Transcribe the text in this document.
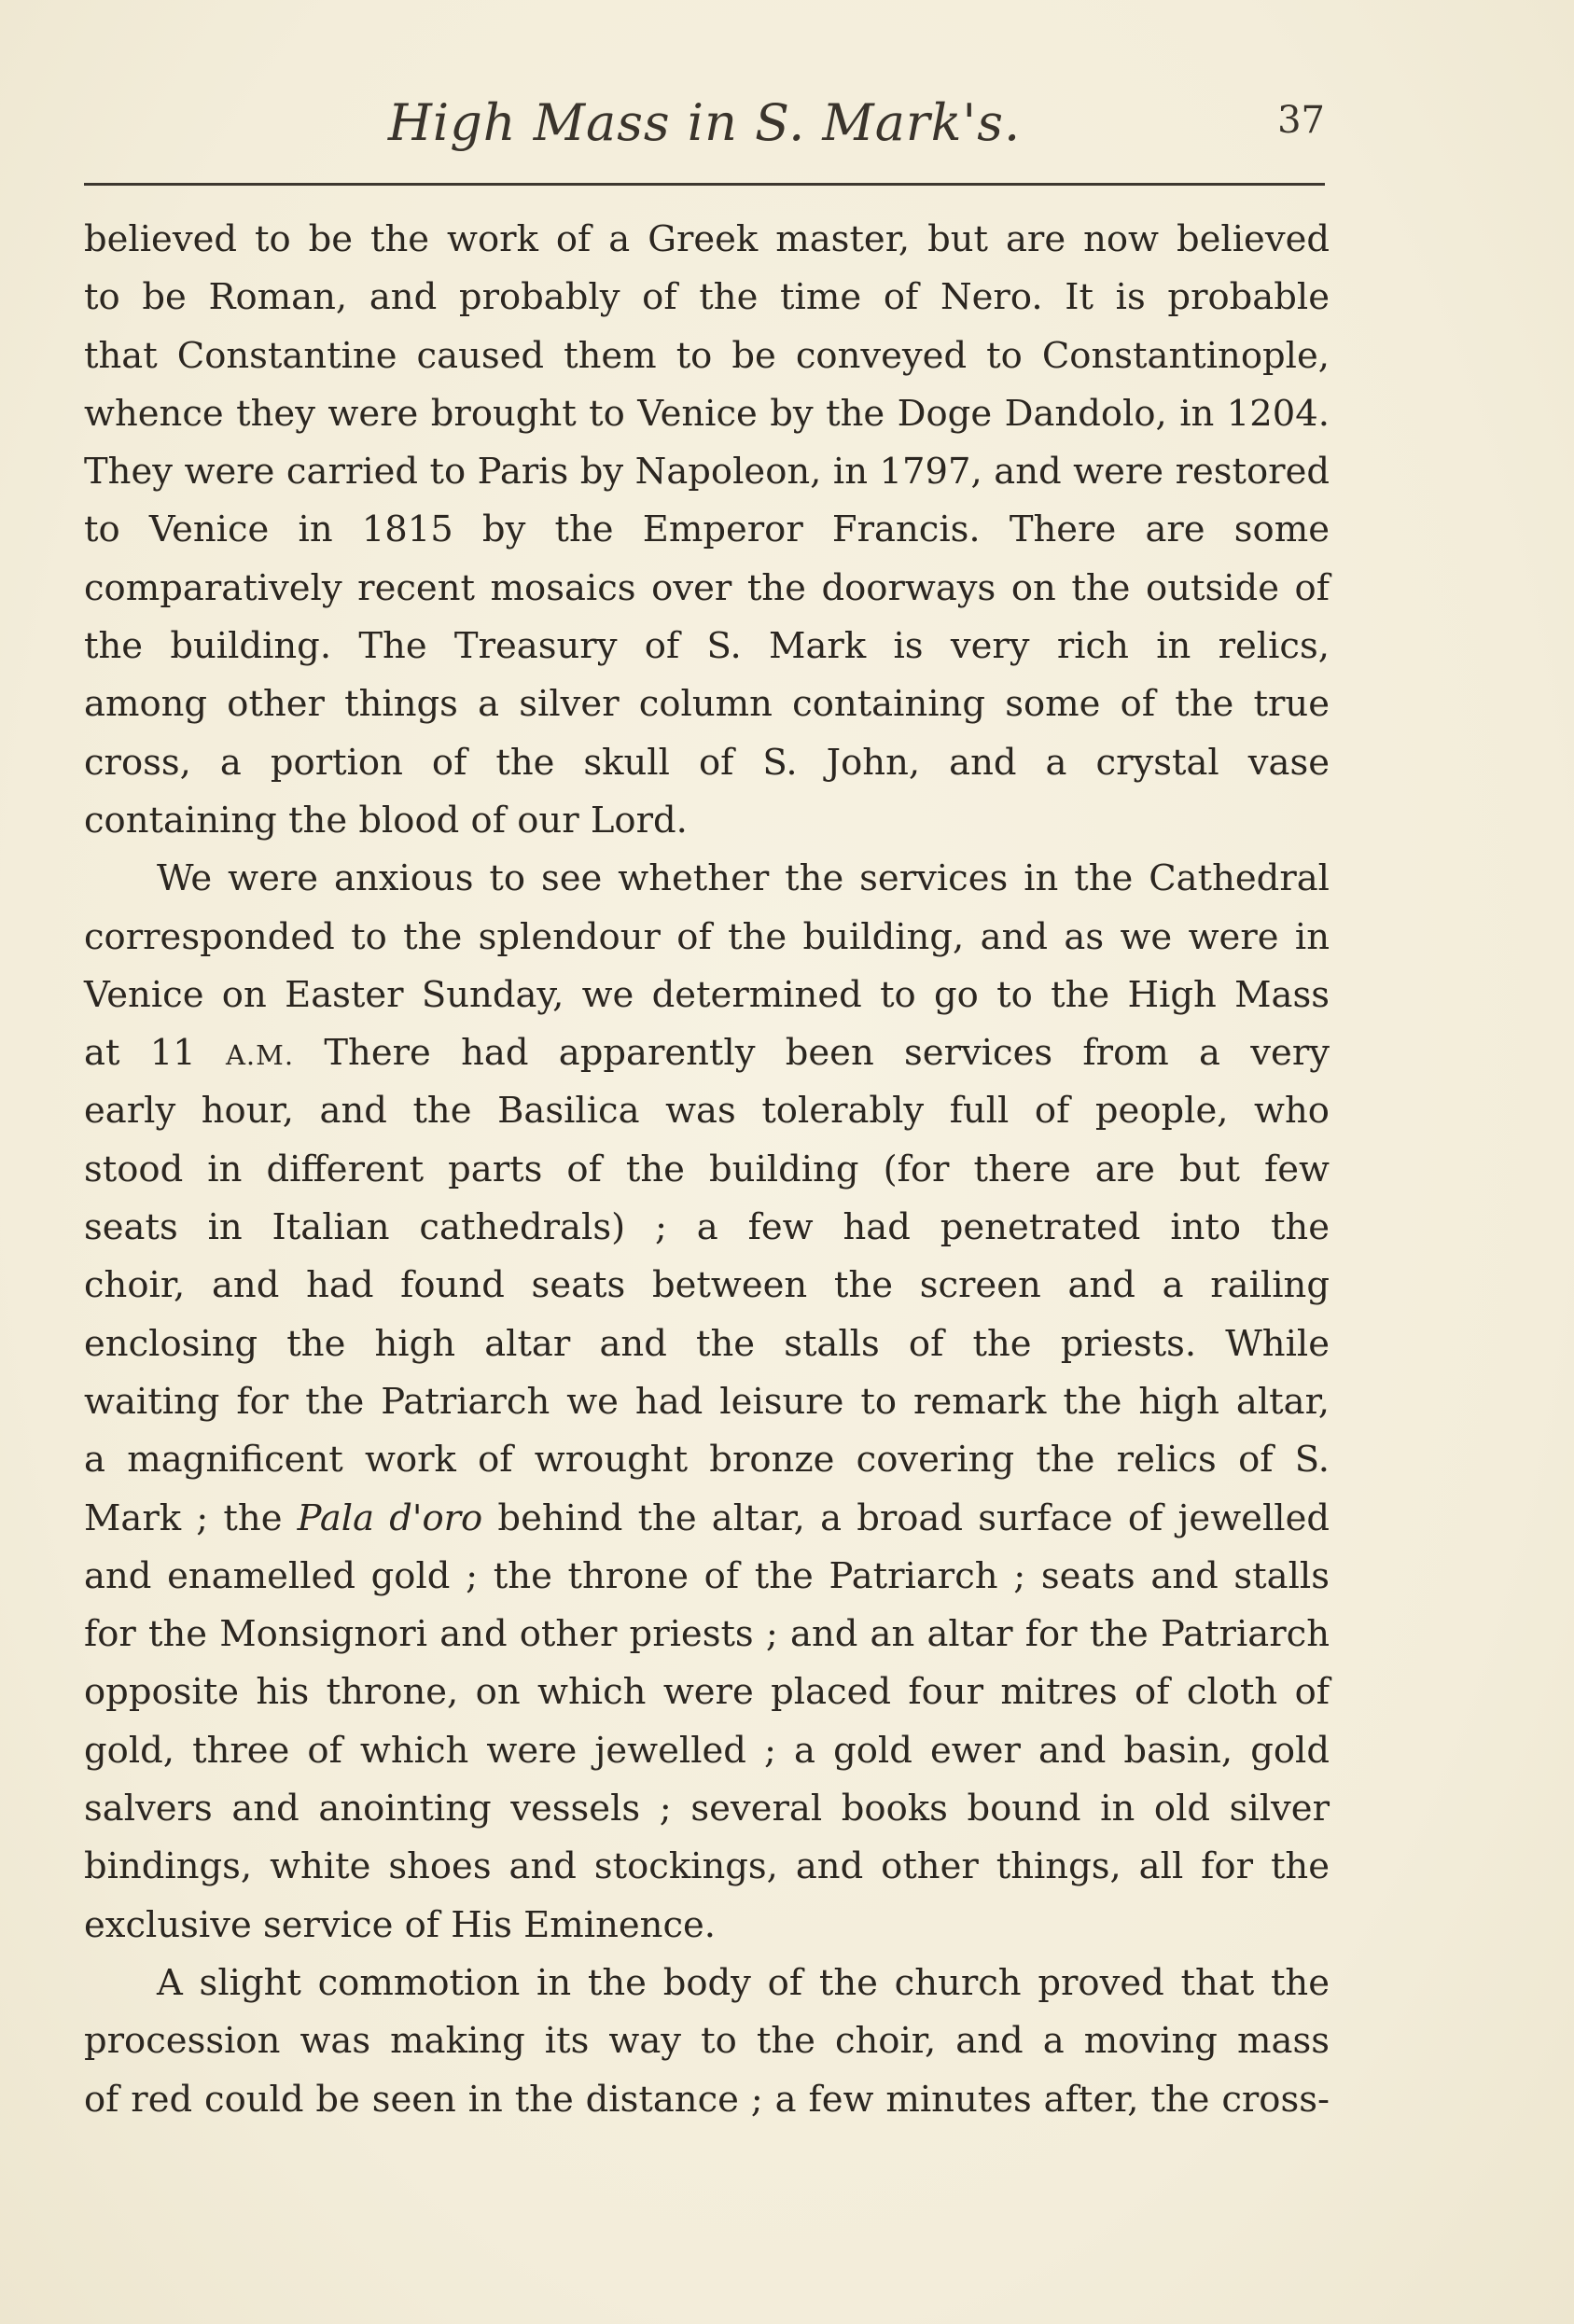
High Mass in S. Mark's.	37
believed to be the work of a Greek master, but are now believed
to be Roman, and probably of the time of Nero. It is probable
that Constantine caused them to be conveyed to Constantinople,
whence they were brought to Venice by the Doge Dandolo, in 1204.
They were carried to Paris by Napoleon, in 1797, and were restored
to Venice in 1815 by the Emperor Francis. There are some
comparatively recent mosaics over the doorways on the outside of
the building. The Treasury of S. Mark is very rich in relics,
among other things a silver column containing some of the true
cross, a portion of the skull of S. John, and a crystal vase
containing the blood of our Lord.
We were anxious to see whether the services in the Cathedral
corresponded to the splendour of the building, and as we were in
Venice on Easter Sunday, we determined to go to the High Mass
at 11 A.M. There had apparently been services from a very
early hour, and the Basilica was tolerably full of people, who
stood in different parts of the building (for there are but few
seats in Italian cathedrals) ; a few had penetrated into the
choir, and had found seats between the screen and a railing
enclosing the high altar and the stalls of the priests. While
waiting for the Patriarch we had leisure to remark the high altar,
a magnificent work of wrought bronze covering the relics of S.
Mark ; the Pala d'oro behind the altar, a broad surface of jewelled
and enamelled gold ; the throne of the Patriarch ; seats and stalls
for the Monsignori and other priests ; and an altar for the Patriarch
opposite his throne, on which were placed four mitres of cloth of
gold, three of which were jewelled ; a gold ewer and basin, gold
salvers and anointing vessels ; several books bound in old silver
bindings, white shoes and stockings, and other things, all for the
exclusive service of His Eminence.
A slight commotion in the body of the church proved that the
procession was making its way to the choir, and a moving mass
of red could be seen in the distance ; a few minutes after, the cross-
